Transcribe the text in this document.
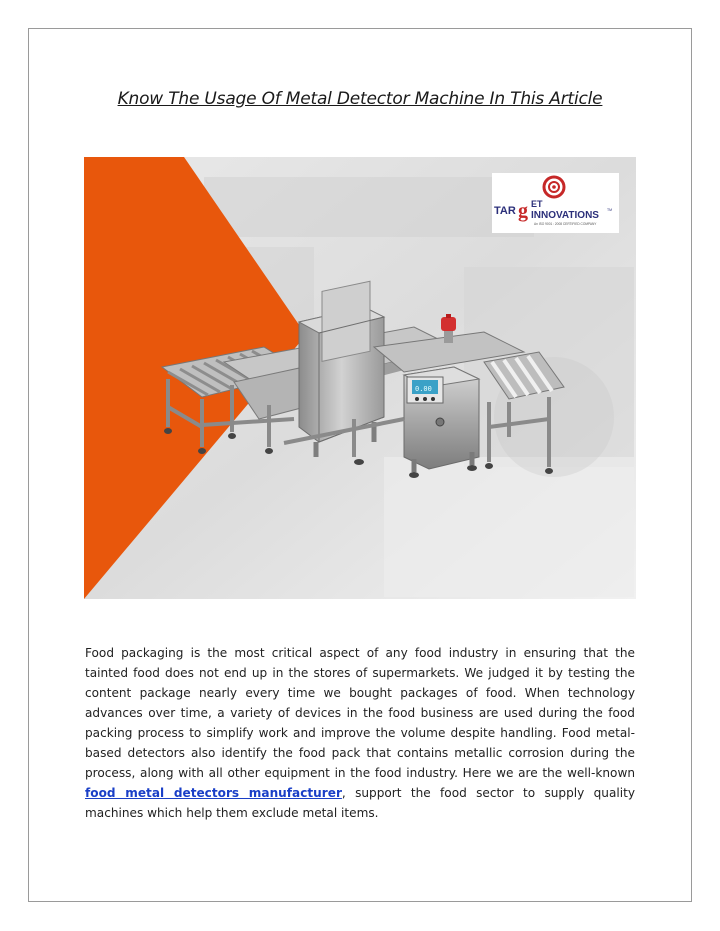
Know The Usage Of Metal Detector Machine In This Article
TAR g ET
INNOVATIONS TM
An ISO 9001 : 2008 CERTIFIED COMPANY
0.00
Food packaging is the most critical aspect of any food industry in ensuring that the tainted food does not end up in the stores of supermarkets. We judged it by testing the content package nearly every time we bought packages of food. When technology advances over time, a variety of devices in the food business are used during the food packing process to simplify work and improve the volume despite handling. Food metal-based detectors also identify the food pack that contains metallic corrosion during the process, along with all other equipment in the food industry. Here we are the well-known food metal detectors manufacturer, support the food sector to supply quality machines which help them exclude metal items.
